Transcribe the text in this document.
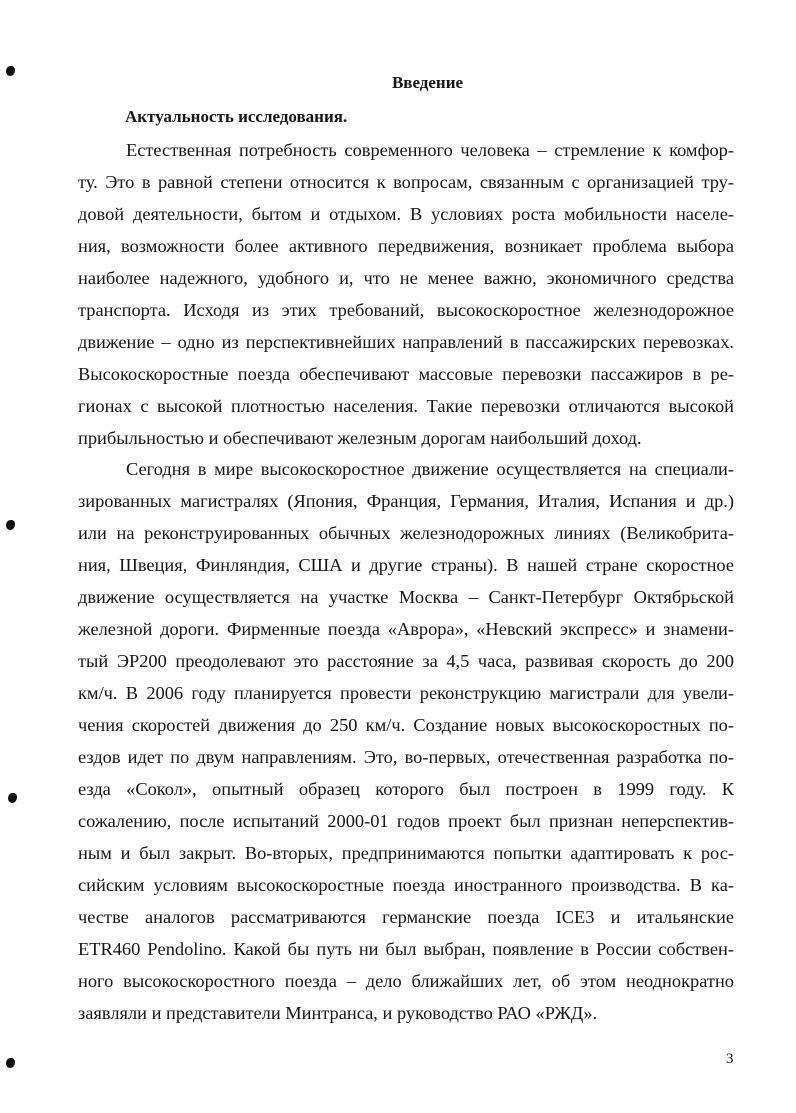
Введение
Актуальность исследования.
Естественная потребность современного человека – стремление к комфор-
ту. Это в равной степени относится к вопросам, связанным с организацией тру-
довой деятельности, бытом и отдыхом. В условиях роста мобильности населе-
ния, возможности более активного передвижения, возникает проблема выбора
наиболее надежного, удобного и, что не менее важно, экономичного средства
транспорта. Исходя из этих требований, высокоскоростное железнодорожное
движение – одно из перспективнейших направлений в пассажирских перевозках.
Высокоскоростные поезда обеспечивают массовые перевозки пассажиров в ре-
гионах с высокой плотностью населения. Такие перевозки отличаются высокой
прибыльностью и обеспечивают железным дорогам наибольший доход.
Сегодня в мире высокоскоростное движение осуществляется на специали-
зированных магистралях (Япония, Франция, Германия, Италия, Испания и др.)
или на реконструированных обычных железнодорожных линиях (Великобрита-
ния, Швеция, Финляндия, США и другие страны). В нашей стране скоростное
движение осуществляется на участке Москва – Санкт-Петербург Октябрьской
железной дороги. Фирменные поезда «Аврора», «Невский экспресс» и знамени-
тый ЭР200 преодолевают это расстояние за 4,5 часа, развивая скорость до 200
км/ч. В 2006 году планируется провести реконструкцию магистрали для увели-
чения скоростей движения до 250 км/ч. Создание новых высокоскоростных по-
ездов идет по двум направлениям. Это, во-первых, отечественная разработка по-
езда «Сокол», опытный образец которого был построен в 1999 году. К
сожалению, после испытаний 2000-01 годов проект был признан неперспектив-
ным и был закрыт. Во-вторых, предпринимаются попытки адаптировать к рос-
сийским условиям высокоскоростные поезда иностранного производства. В ка-
честве аналогов рассматриваются германские поезда ICE3 и итальянские
ETR460 Pendolino. Какой бы путь ни был выбран, появление в России собствен-
ного высокоскоростного поезда – дело ближайших лет, об этом неоднократно
заявляли и представители Минтранса, и руководство РАО «РЖД».
3
